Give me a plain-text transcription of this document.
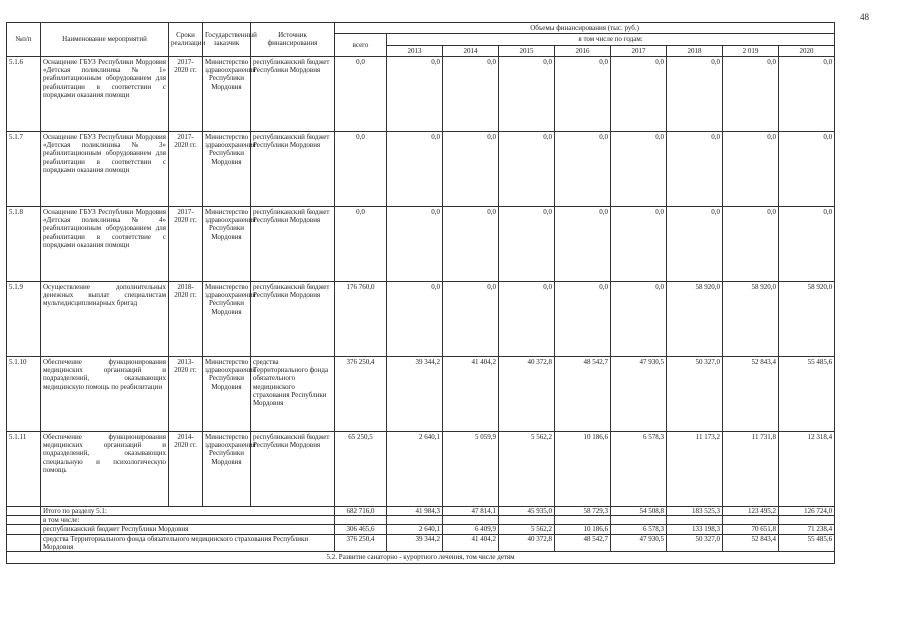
48
№п/п	Наименование мероприятий	Сроки реализации	Государственный заказчик	Источник финансирования	Объемы финансирования (тыс. руб.)								
					всего	в том числе по годам:							
						2013	2014	2015	2016	2017	2018	2 019	2020
5.1.6	Оснащение ГБУЗ Республики Мордовия «Детская поликлиника № 1» реабилитационным оборудованием для реабилитации в соответствии с порядками оказания помощи	2017-2020 гг.	Министерство здравоохранения Республики Мордовия	республиканский бюджет Республики Мордовия	0,0	0,0	0,0	0,0	0,0	0,0	0,0	0,0	0,0
5.1.7	Оснащение ГБУЗ Республики Мордовия «Детская поликлиника № 3» реабилитационным оборудованием для реабилитации в соответствии с порядками оказания помощи	2017-2020 гг.	Министерство здравоохранения Республики Мордовия	республиканский бюджет Республики Мордовия	0,0	0,0	0,0	0,0	0,0	0,0	0,0	0,0	0,0
5.1.8	Оснащение ГБУЗ Республики Мордовия «Детская поликлиника № 4» реабилитационным оборудованием для реабилитации в соответствие с порядками оказания помощи	2017-2020 гг.	Министерство здравоохранения Республики Мордовия	республиканский бюджет Республики Мордовия	0,0	0,0	0,0	0,0	0,0	0,0	0,0	0,0	0,0
5.1.9	Осуществление дополнительных денежных выплат специалистам мультидисциплинарных бригад	2018-2020 гг.	Министерство здравоохранения Республики Мордовия	республиканский бюджет Республики Мордовия	176 760,0	0,0	0,0	0,0	0,0	0,0	58 920,0	58 920,0	58 920,0
5.1.10	Обеспечение функционирования медицинских организаций и подразделений, оказывающих медицинскую помощь по реабилитации	2013-2020 гг.	Министерство здравоохранения Республики Мордовия	средства Территориального фонда обязательного медицинского страхования Республики Мордовия	376 250,4	39 344,2	41 404,2	40 372,8	48 542,7	47 930,5	50 327,0	52 843,4	55 485,6
5.1.11	Обеспечение функционирования медицинских организаций и подразделений, оказывающих специальную и психологическую помощь	2014-2020 гг.	Министерство здравоохранения Республики Мордовия	республиканский бюджет Республики Мордовия	65 250,5	2 640,1	5 059,9	5 562,2	10 186,6	6 578,3	11 173,2	11 731,8	12 318,4
	Итого по разделу 5.1:				682 716,0	41 984,3	47 814,1	45 935,0	58 729,3	54 508,8	183 525,3	123 495,2	126 724,0
	в том числе:												
	республиканский бюджет Республики Мордовия				306 465,6	2 640,1	6 409,9	5 562,2	10 186,6	6 578,3	133 198,3	70 651,8	71 238,4
	средства Территориального фонда обязательного медицинского страхования Республики Мордовия				376 250,4	39 344,2	41 404,2	40 372,8	48 542,7	47 930,5	50 327,0	52 843,4	55 485,6
5.2. Развитие санаторно - курортного лечения, том числе детям													
